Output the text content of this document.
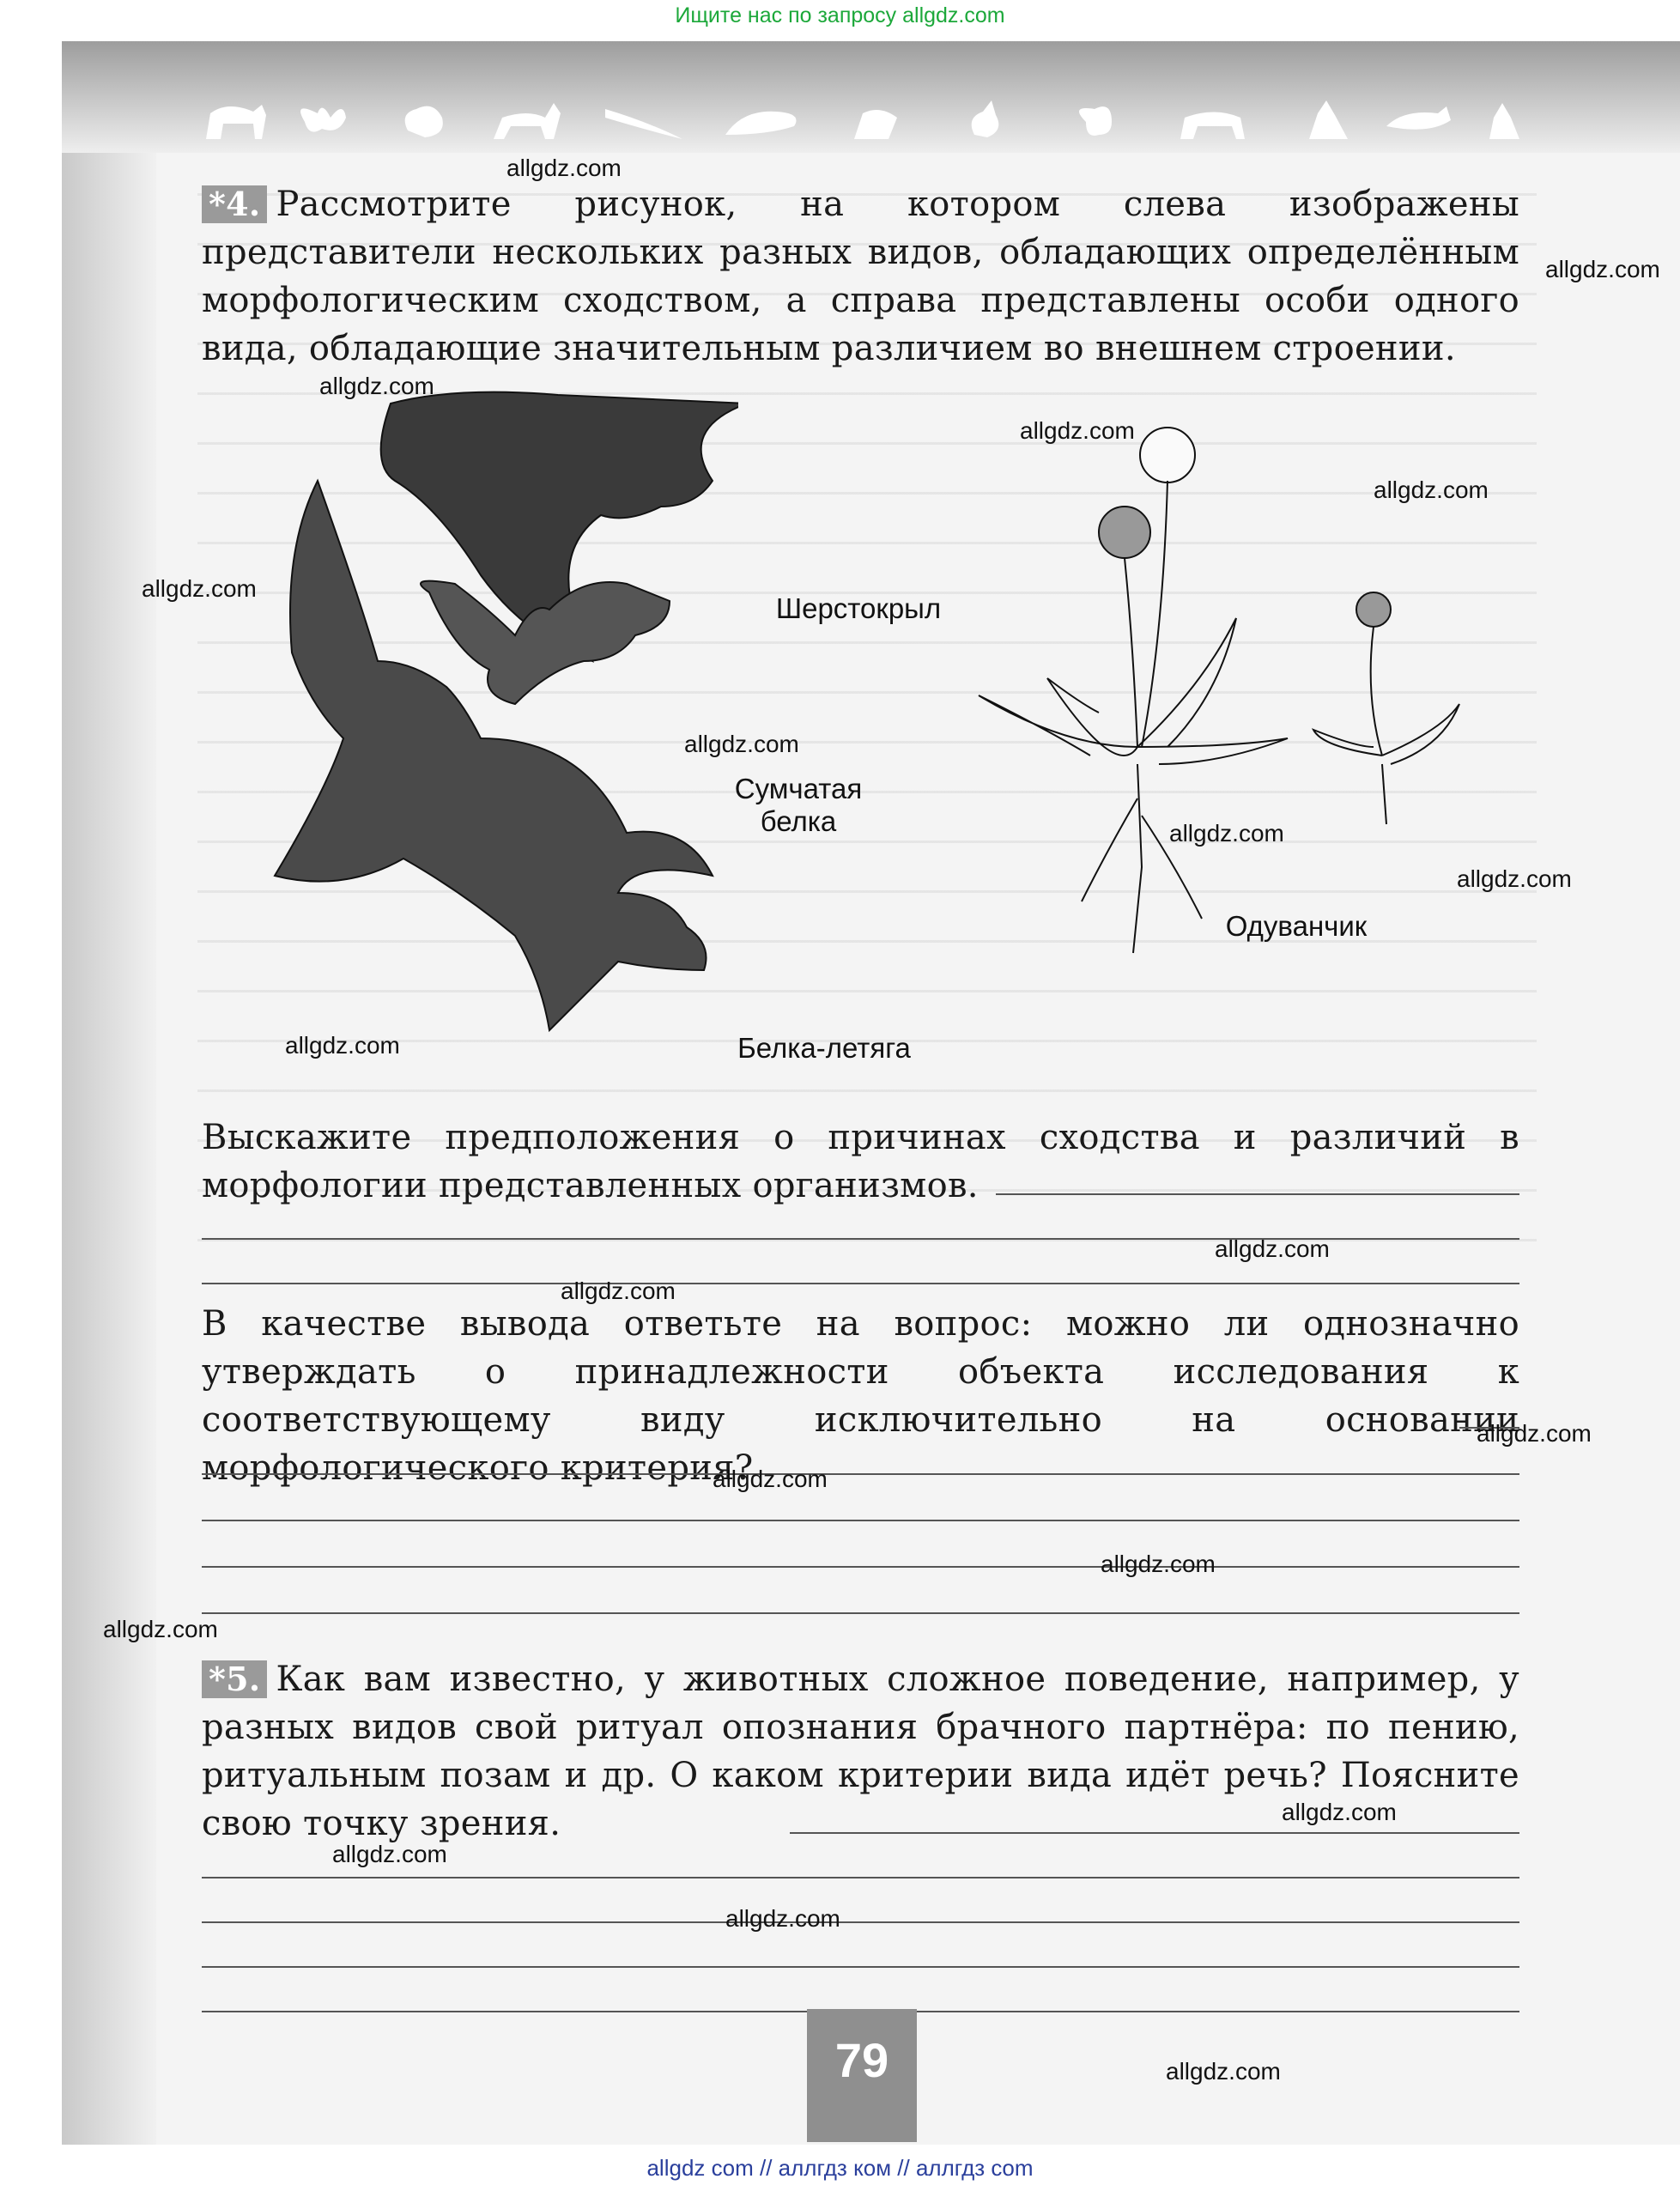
Ищите нас по запросу allgdz.com
*4. Рассмотрите рисунок, на котором слева изображены представители нескольких разных видов, обладающих определённым морфологическим сходством, а справа представлены особи одного вида, обладающие значительным различием во внешнем строении.
Шерстокрыл
Сумчатая белка
Одуванчик
Белка-летяга
Выскажите предположения о причинах сходства и различий в морфологии представленных организмов.
В качестве вывода ответьте на вопрос: можно ли однозначно утверждать о принадлежности объекта исследования к соответствующему виду исключительно на основании морфологического критерия?
*5. Как вам известно, у животных сложное поведение, например, у разных видов свой ритуал опознания брачного партнёра: по пению, ритуальным позам и др. О каком критерии вида идёт речь? Поясните свою точку зрения.
79
allgdz.com
allgdz.com
allgdz.com
allgdz.com
allgdz.com
allgdz.com
allgdz.com
allgdz.com
allgdz.com
allgdz.com
allgdz.com
allgdz.com
allgdz.com
allgdz.com
allgdz.com
allgdz.com
allgdz.com
allgdz.com
allgdz.com
allgdz.com
allgdz com // аллгдз ком // аллгдз com
